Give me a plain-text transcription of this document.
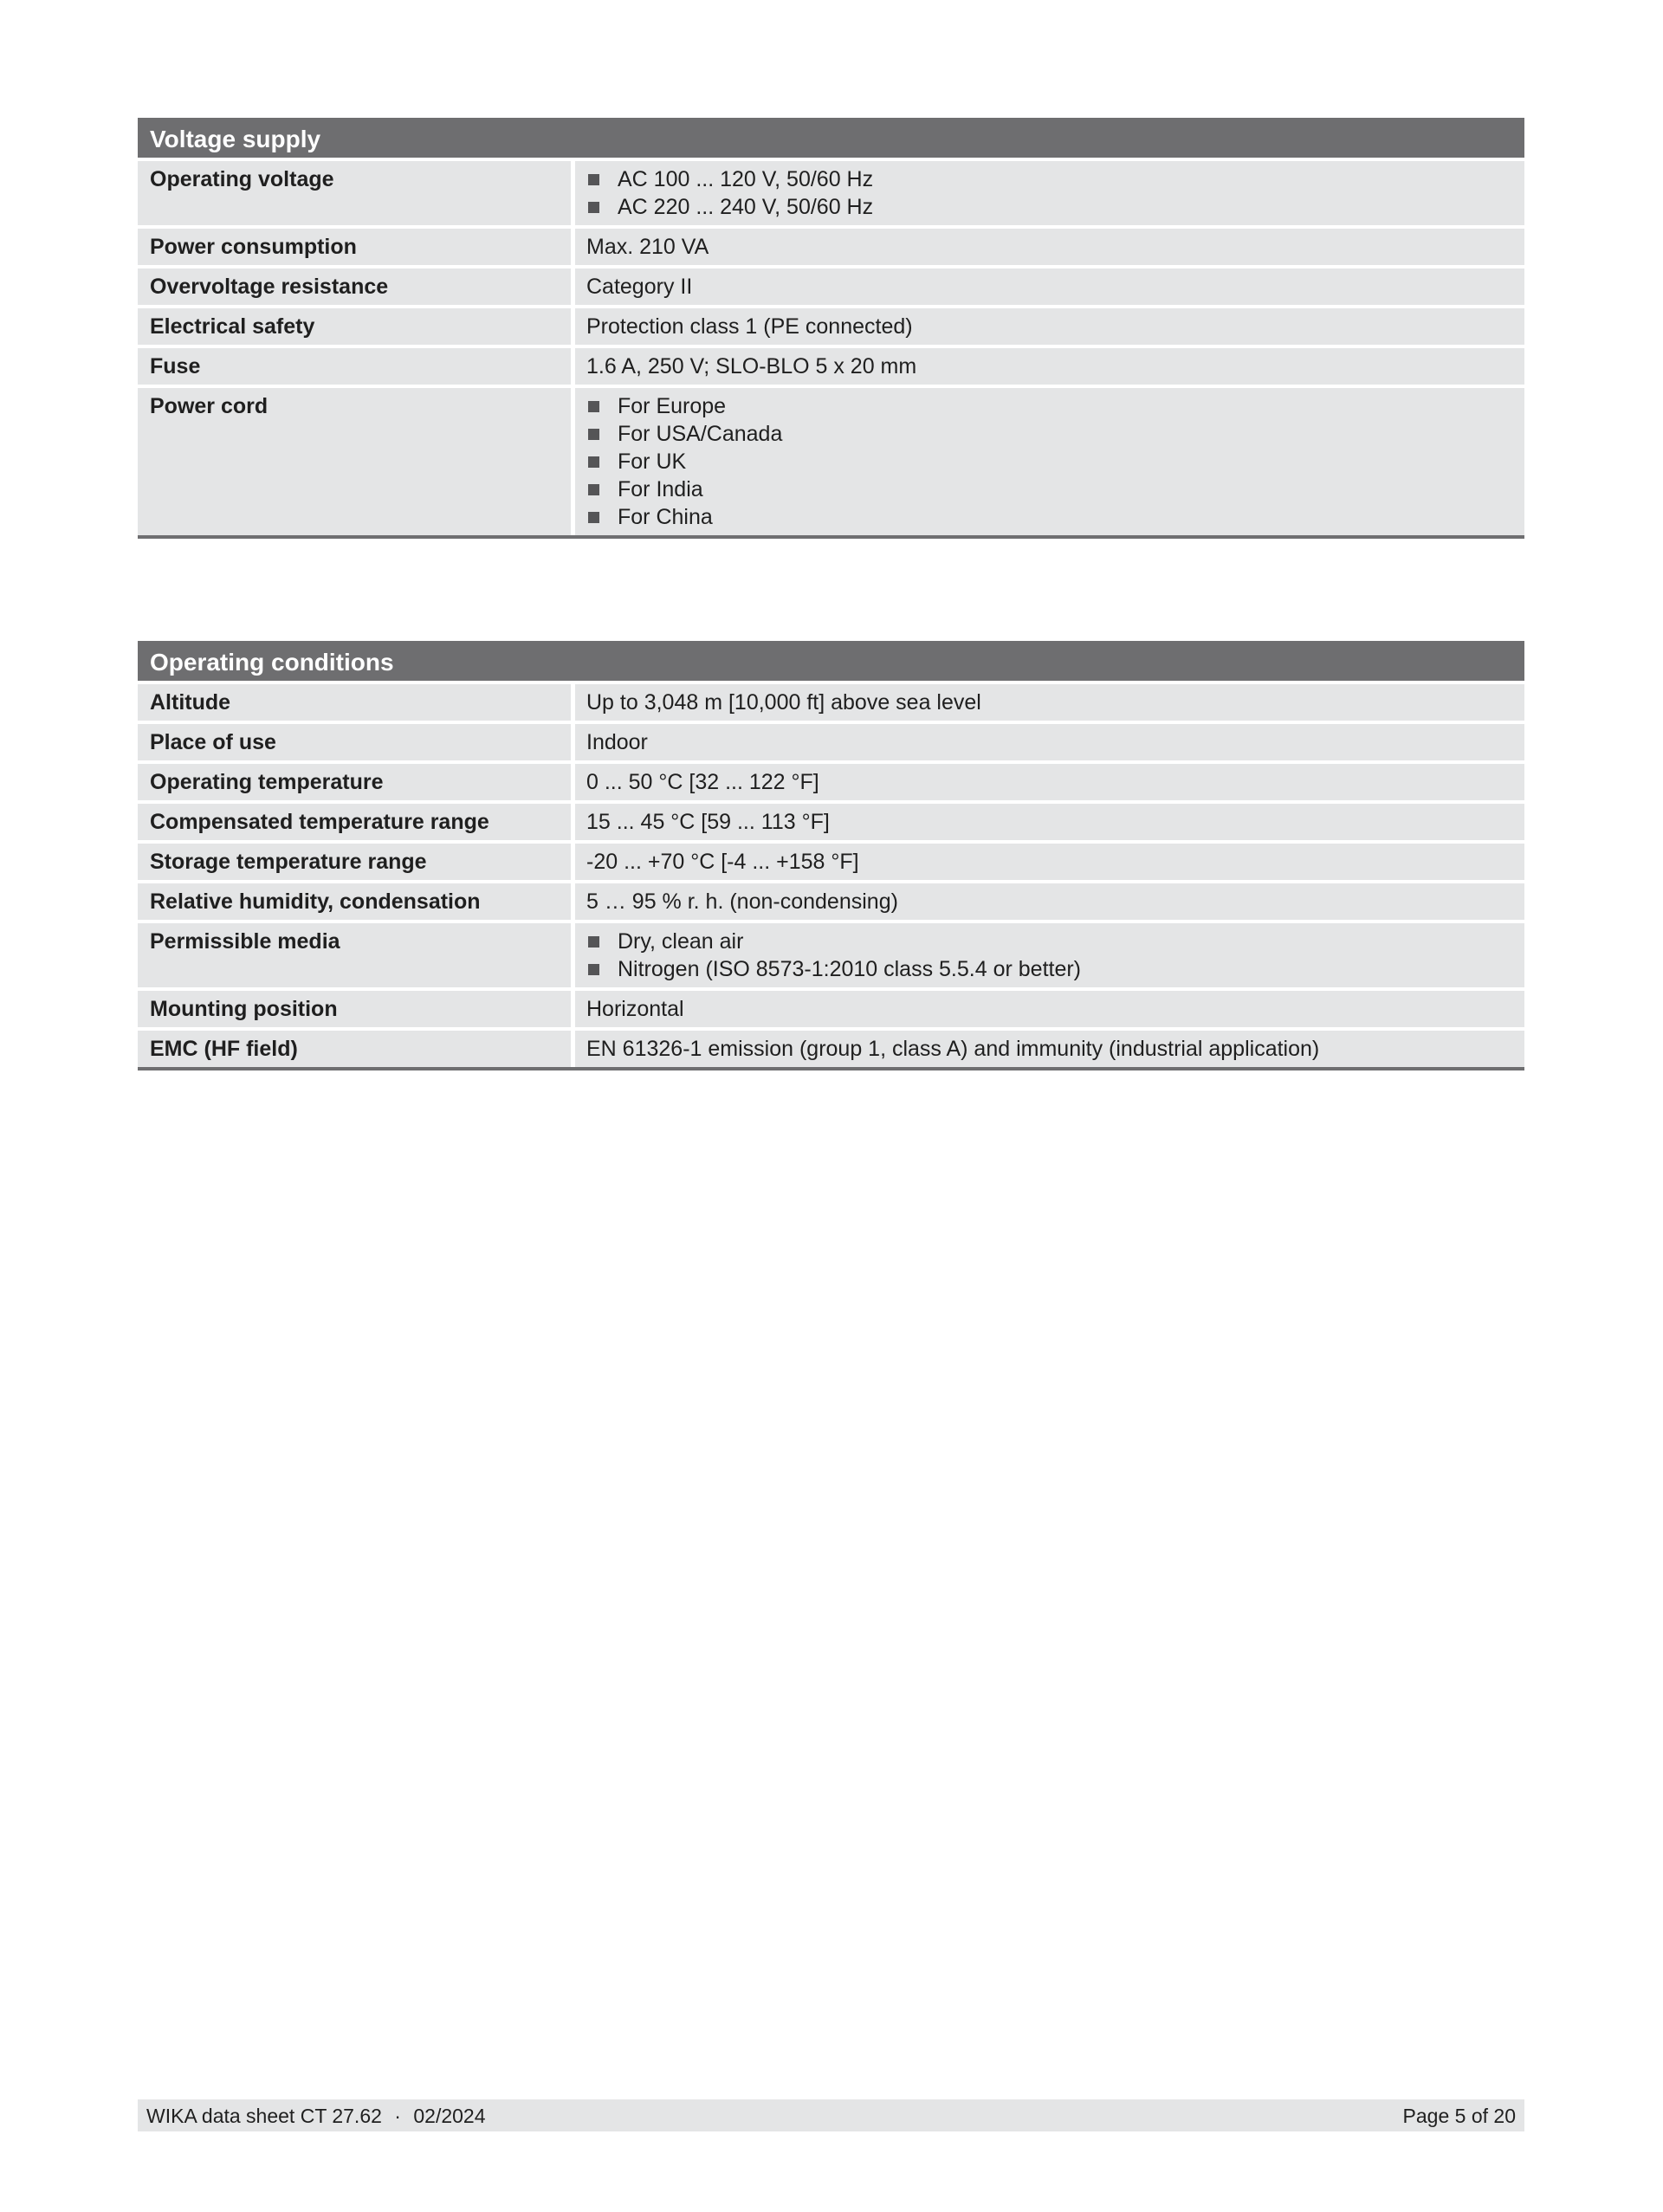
Voltage supply
Operating voltage	AC 100 ... 120 V, 50/60 Hz
AC 220 ... 240 V, 50/60 Hz
Power consumption	Max. 210 VA
Overvoltage resistance	Category II
Electrical safety	Protection class 1 (PE connected)
Fuse	1.6 A, 250 V; SLO-BLO 5 x 20 mm
Power cord	For Europe
For USA/Canada
For UK
For India
For China
Operating conditions
Altitude	Up to 3,048 m [10,000 ft] above sea level
Place of use	Indoor
Operating temperature	0 ... 50 °C [32 ... 122 °F]
Compensated temperature range	15 ... 45 °C [59 ... 113 °F]
Storage temperature range	-20 ... +70 °C [-4 ... +158 °F]
Relative humidity, condensation	5 … 95 % r. h. (non-condensing)
Permissible media	Dry, clean air
Nitrogen (ISO 8573-1:2010 class 5.5.4 or better)
Mounting position	Horizontal
EMC (HF field)	EN 61326-1 emission (group 1, class A) and immunity (industrial application)
WIKA data sheet CT 27.62 · 02/2024	Page 5 of 20
